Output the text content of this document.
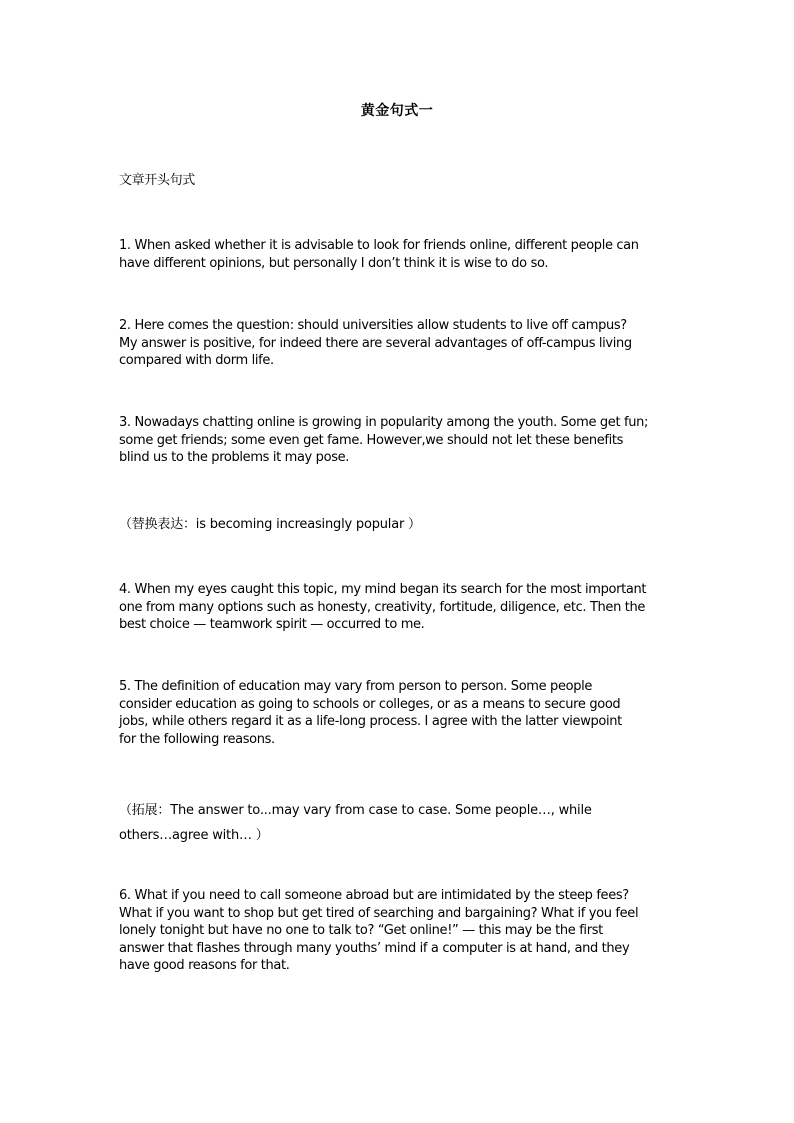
黄金句式一
文章开头句式
1. When asked whether it is advisable to look for friends online, different people can
have different opinions, but personally I don’t think it is wise to do so.
2. Here comes the question: should universities allow students to live off campus?
My answer is positive, for indeed there are several advantages of off-campus living
compared with dorm life.
3. Nowadays chatting online is growing in popularity among the youth. Some get fun;
some get friends; some even get fame. However,we should not let these benefits
blind us to the problems it may pose.
（替换表达：is becoming increasingly popular ）
4. When my eyes caught this topic, my mind began its search for the most important
one from many options such as honesty, creativity, fortitude, diligence, etc. Then the
best choice — teamwork spirit — occurred to me.
5. The definition of education may vary from person to person. Some people
consider education as going to schools or colleges, or as a means to secure good
jobs, while others regard it as a life-long process. I agree with the latter viewpoint
for the following reasons.
（拓展：The answer to...may vary from case to case. Some people…, while
others…agree with… ）
6. What if you need to call someone abroad but are intimidated by the steep fees?
What if you want to shop but get tired of searching and bargaining? What if you feel
lonely tonight but have no one to talk to? “Get online!” — this may be the first
answer that flashes through many youths’ mind if a computer is at hand, and they
have good reasons for that.
